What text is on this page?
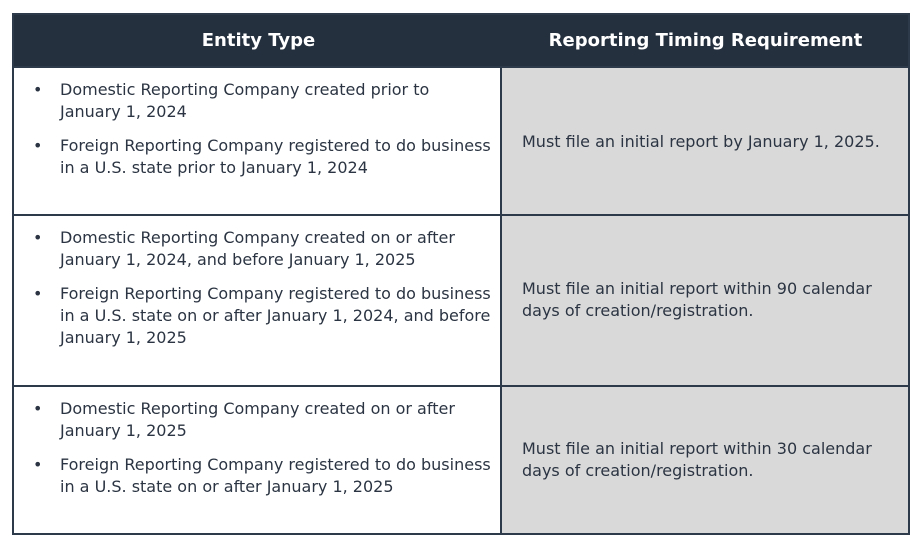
Entity Type	Reporting Timing Requirement
• Domestic Reporting Company created prior to January 1, 2024
• Foreign Reporting Company registered to do business in a U.S. state prior to January 1, 2024
Must file an initial report by January 1, 2025.
• Domestic Reporting Company created on or after January 1, 2024, and before January 1, 2025
• Foreign Reporting Company registered to do business in a U.S. state on or after January 1, 2024, and before January 1, 2025
Must file an initial report within 90 calendar days of creation/registration.
• Domestic Reporting Company created on or after January 1, 2025
• Foreign Reporting Company registered to do business in a U.S. state on or after January 1, 2025
Must file an initial report within 30 calendar days of creation/registration.
